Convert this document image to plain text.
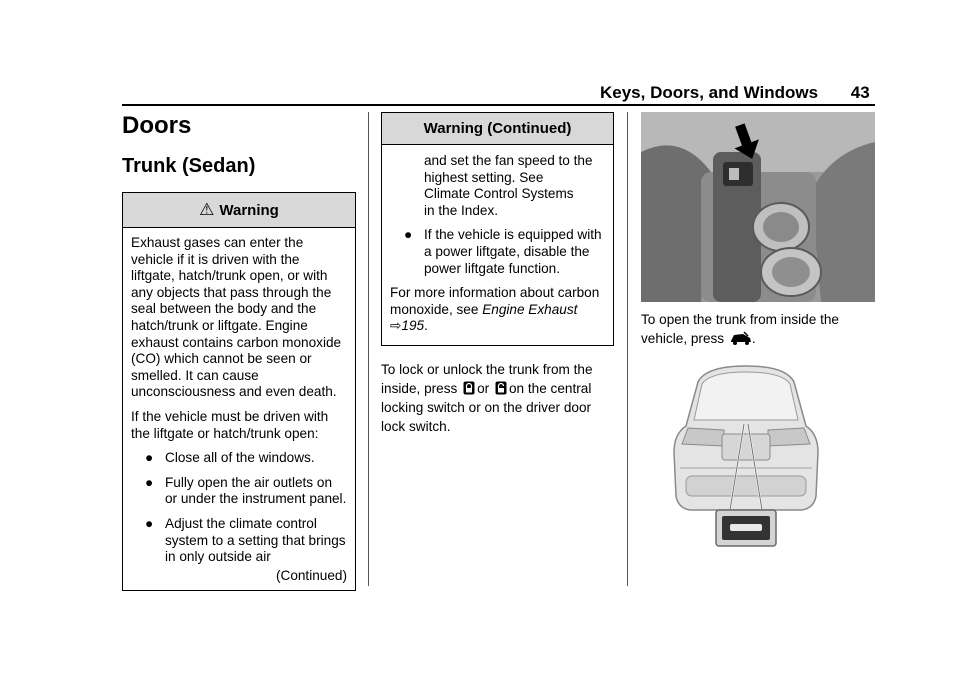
Keys, Doors, and Windows 43
Doors
Trunk (Sedan)
⚠ Warning

Exhaust gases can enter the vehicle if it is driven with the liftgate, hatch/trunk open, or with any objects that pass through the seal between the body and the hatch/trunk or liftgate. Engine exhaust contains carbon monoxide (CO) which cannot be seen or smelled. It can cause unconsciousness and even death.

If the vehicle must be driven with the liftgate or hatch/trunk open:

● Close all of the windows.
● Fully open the air outlets on or under the instrument panel.
● Adjust the climate control system to a setting that brings in only outside air
(Continued)
Warning (Continued)
and set the fan speed to the highest setting. See
Climate Control Systems
in the Index.
● If the vehicle is equipped with a power liftgate, disable the power liftgate function.

For more information about carbon monoxide, see Engine Exhaust ⇨195.

To lock or unlock the trunk from the inside, press or on the central locking switch or on the driver door lock switch.

To open the trunk from inside the vehicle, press .
